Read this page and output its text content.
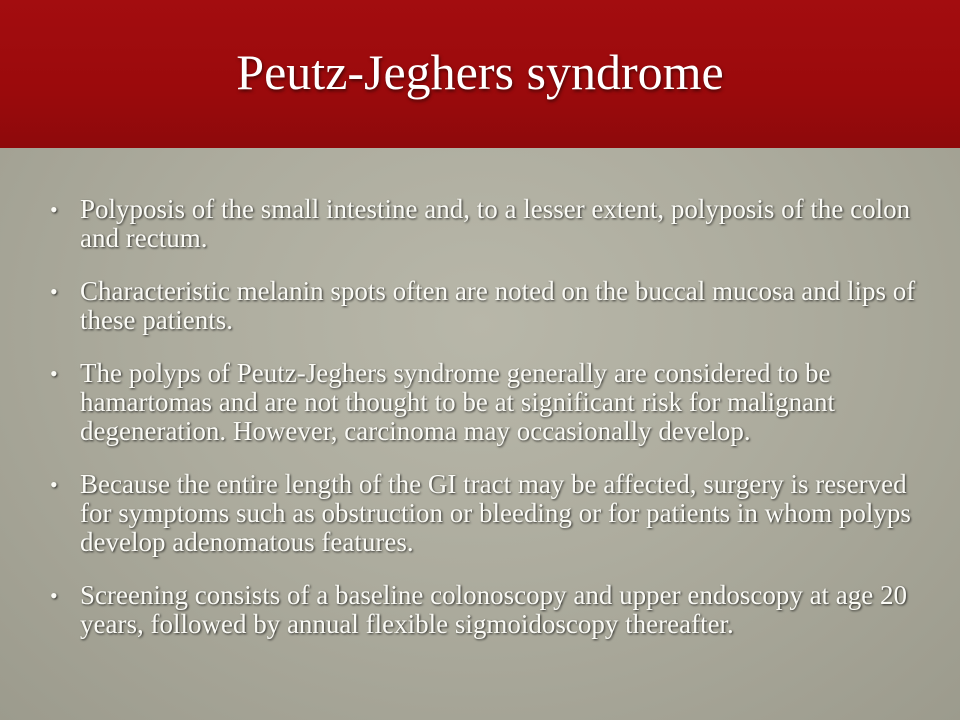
Peutz-Jeghers syndrome
• Polyposis of the small intestine and, to a lesser extent, polyposis of the colon and rectum.
• Characteristic melanin spots often are noted on the buccal mucosa and lips of these patients.
• The polyps of Peutz-Jeghers syndrome generally are considered to be hamartomas and are not thought to be at significant risk for malignant degeneration. However, carcinoma may occasionally develop.
• Because the entire length of the GI tract may be affected, surgery is reserved for symptoms such as obstruction or bleeding or for patients in whom polyps develop adenomatous features.
• Screening consists of a baseline colonoscopy and upper endoscopy at age 20 years, followed by annual flexible sigmoidoscopy thereafter.
